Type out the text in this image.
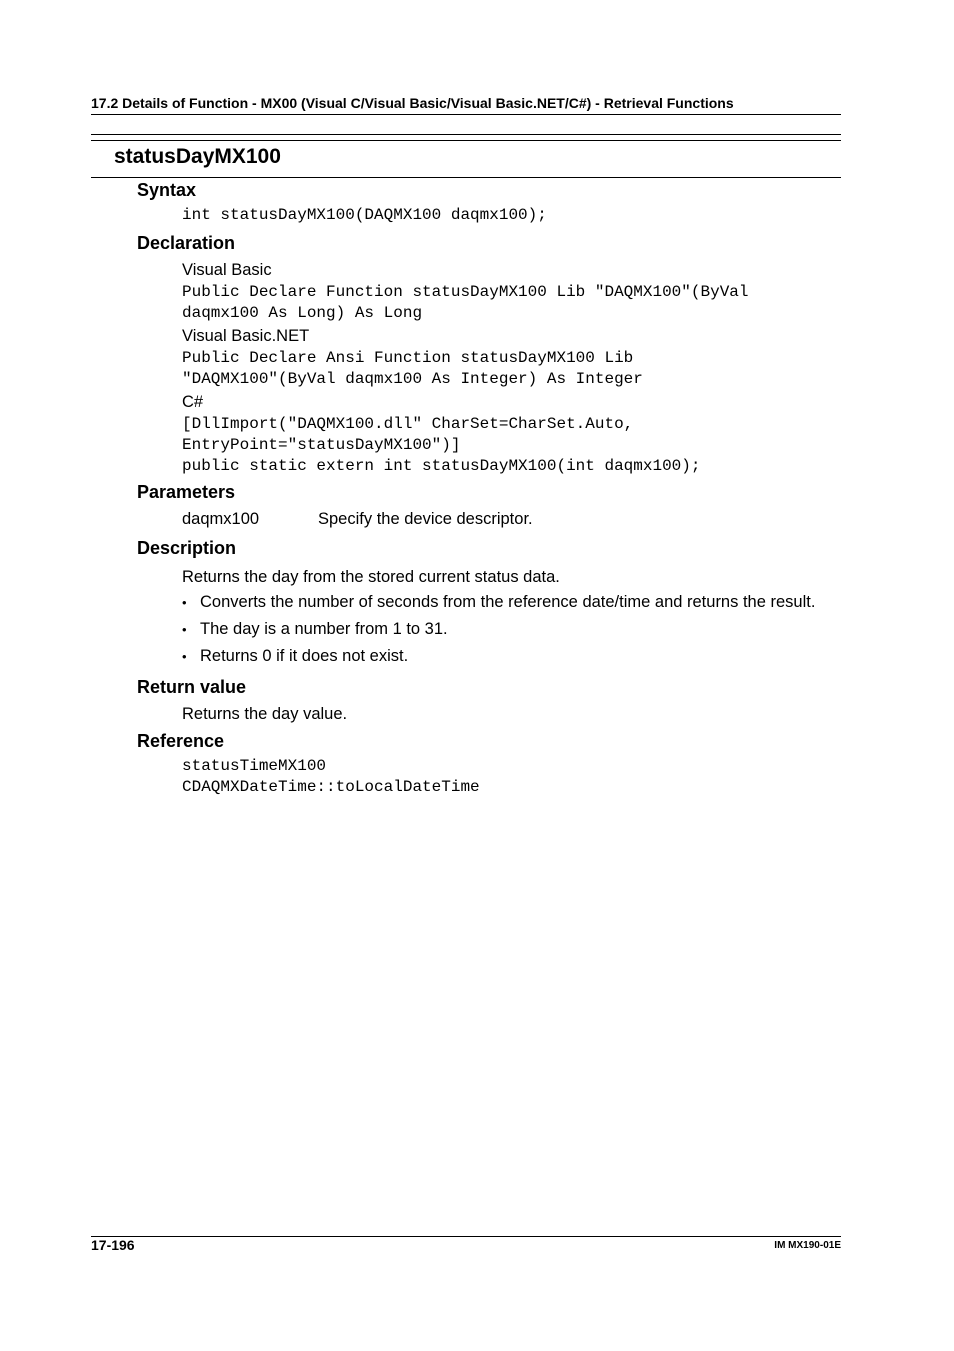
17.2 Details of Function - MX00 (Visual C/Visual Basic/Visual Basic.NET/C#) - Retrieval Functions
statusDayMX100
Syntax
int statusDayMX100(DAQMX100 daqmx100);
Declaration

Visual Basic

Public Declare Function statusDayMX100 Lib "DAQMX100"(ByVal
daqmx100 As Long) As Long

Visual Basic.NET

Public Declare Ansi Function statusDayMX100 Lib
"DAQMX100"(ByVal daqmx100 As Integer) As Integer

C#

[DllImport("DAQMX100.dll" CharSet=CharSet.Auto,
EntryPoint="statusDayMX100")]
public static extern int statusDayMX100(int daqmx100);
Parameters
daqmx100	Specify the device descriptor.
Description

Returns the day from the stored current status data.

• Converts the number of seconds from the reference date/time and returns the result.
• The day is a number from 1 to 31.
• Returns 0 if it does not exist.
Return value

Returns the day value.

Reference
statusTimeMX100
CDAQMXDateTime::toLocalDateTime
17-196	IM MX190-01E
